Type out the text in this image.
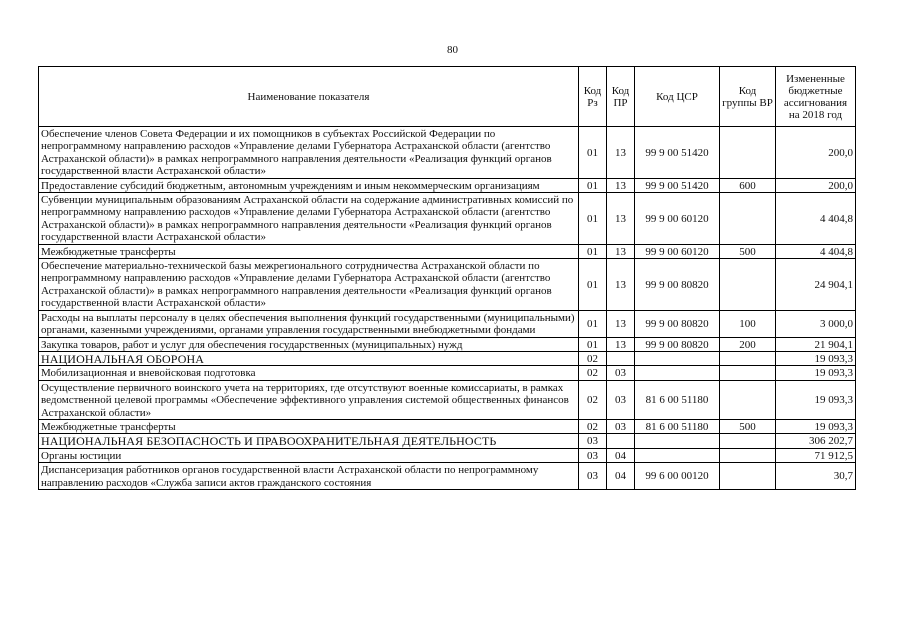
80
Наименование показателя	Код Рз	Код ПР	Код ЦСР	Код группы ВР	Измененные бюджетные ассигнования на 2018 год
Обеспечение членов Совета Федерации и их помощников в субъектах Российской Федерации по непрограммному направлению расходов «Управление делами Губернатора Астраханской области (агентство Астраханской области)» в рамках непрограммного направления деятельности «Реализация функций органов государственной власти Астраханской области»	01	13	99 9 00 51420		200,0
Предоставление субсидий бюджетным, автономным учреждениям и иным некоммерческим организациям	01	13	99 9 00 51420	600	200,0
Субвенции муниципальным образованиям Астраханской области на содержание административных комиссий по непрограммному направлению расходов «Управление делами Губернатора Астраханской области (агентство Астраханской области)» в рамках непрограммного направления деятельности «Реализация функций органов государственной власти Астраханской области»	01	13	99 9 00 60120		4 404,8
Межбюджетные трансферты	01	13	99 9 00 60120	500	4 404,8
Обеспечение материально-технической базы межрегионального сотрудничества Астраханской области по непрограммному направлению расходов «Управление делами Губернатора Астраханской области (агентство Астраханской области)» в рамках непрограммного направления деятельности «Реализация функций органов государственной власти Астраханской области»	01	13	99 9 00 80820		24 904,1
Расходы на выплаты персоналу в целях обеспечения выполнения функций государственными (муниципальными) органами, казенными учреждениями, органами управления государственными внебюджетными фондами	01	13	99 9 00 80820	100	3 000,0
Закупка товаров, работ и услуг для обеспечения государственных (муниципальных) нужд	01	13	99 9 00 80820	200	21 904,1
НАЦИОНАЛЬНАЯ ОБОРОНА	02				19 093,3
Мобилизационная и вневойсковая подготовка	02	03			19 093,3
Осуществление первичного воинского учета на территориях, где отсутствуют военные комиссариаты, в рамках ведомственной целевой программы «Обеспечение эффективного управления системой общественных финансов Астраханской области»	02	03	81 6 00 51180		19 093,3
Межбюджетные трансферты	02	03	81 6 00 51180	500	19 093,3
НАЦИОНАЛЬНАЯ БЕЗОПАСНОСТЬ И ПРАВООХРАНИТЕЛЬНАЯ ДЕЯТЕЛЬНОСТЬ	03				306 202,7
Органы юстиции	03	04			71 912,5
Диспансеризация работников органов государственной власти Астраханской области по непрограммному направлению расходов «Служба записи актов гражданского состояния	03	04	99 6 00 00120		30,7
